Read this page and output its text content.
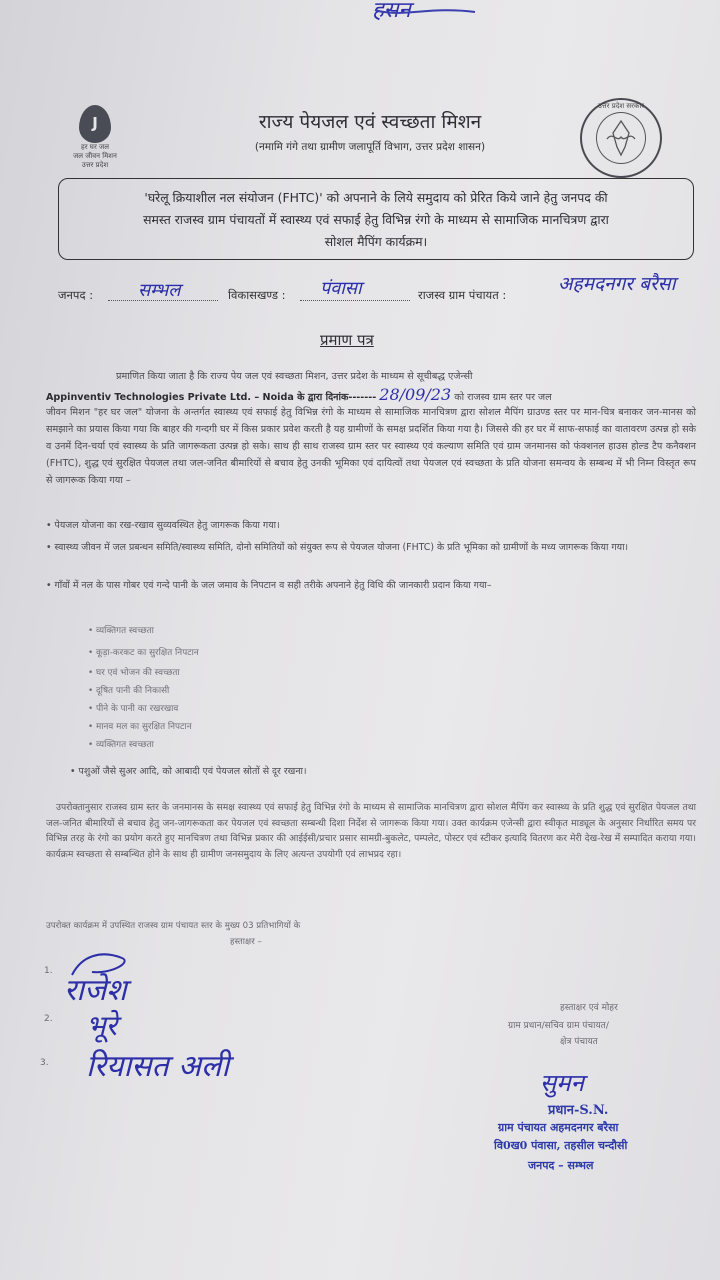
हसन
J
हर घर जल
जल जीवन मिशन
उत्तर प्रदेश
राज्य पेयजल एवं स्वच्छता मिशन
(नमामि गंगे तथा ग्रामीण जलापूर्ति विभाग, उत्तर प्रदेश शासन)
उत्तर प्रदेश सरकार
'घरेलू क्रियाशील नल संयोजन (FHTC)' को अपनाने के लिये समुदाय को प्रेरित किये जाने हेतु जनपद की
समस्त राजस्व ग्राम पंचायतों में स्वास्थ्य एवं सफाई हेतु विभिन्न रंगो के माध्यम से सामाजिक मानचित्रण द्वारा
सोशल मैपिंग कार्यक्रम।
जनपद : सम्भल	विकासखण्ड : पंवासा	राजस्व ग्राम पंचायत :	अहमदनगर बरैसा
प्रमाण पत्र
प्रमाणित किया जाता है कि राज्य पेय जल एवं स्वच्छता मिशन, उत्तर प्रदेश के माध्यम से सूचीबद्ध एजेन्सी
Appinventiv Technologies Private Ltd. – Noida के द्वारा दिनांक------- 28/09/23 को राजस्व ग्राम स्तर पर जल
जीवन मिशन "हर घर जल" योजना के अन्तर्गत स्वास्थ्य एवं सफाई हेतु विभिन्न रंगो के माध्यम से सामाजिक मानचित्रण द्वारा सोशल मैपिंग ग्राउण्ड स्तर पर मान-चित्र बनाकर जन-मानस को समझाने का प्रयास किया गया कि बाहर की गन्दगी घर में किस प्रकार प्रवेश करती है यह ग्रामीणों के समक्ष प्रदर्शित किया गया है। जिससे की हर घर में साफ-सफाई का वातावरण उत्पन्न हो सके व उनमें दिन-चर्या एवं स्वास्थ्य के प्रति जागरूकता उत्पन्न हो सके। साथ ही साथ राजस्व ग्राम स्तर पर स्वास्थ्य एवं कल्याण समिति एवं ग्राम जनमानस को फंक्शनल हाउस होल्ड टैप कनैक्शन (FHTC), शुद्ध एवं सुरक्षित पेयजल तथा जल-जनित बीमारियों से बचाव हेतु उनकी भूमिका एवं दायित्वों तथा पेयजल एवं स्वच्छता के प्रति योजना समन्वय के सम्बन्ध में भी निम्न विस्तृत रूप से जागरूक किया गया –
• पेयजल योजना का रख-रखाव सुव्यवस्थित हेतु जागरूक किया गया।
• स्वास्थ्य जीवन में जल प्रबन्धन समिति/स्वास्थ्य समिति, दोनो समितियों को संयुक्त रूप से पेयजल योजना (FHTC) के प्रति भूमिका को ग्रामीणों के मध्य जागरूक किया गया।
• गाँवों में नल के पास गोबर एवं गन्दे पानी के जल जमाव के निपटान व सही तरीके अपनाने हेतु विधि की जानकारी प्रदान किया गया–
• व्यक्तिगत स्वच्छता
• कूड़ा-करकट का सुरक्षित निपटान
• घर एवं भोजन की स्वच्छता
• दूषित पानी की निकासी
• पीने के पानी का रखरखाव
• मानव मल का सुरक्षित निपटान
• व्यक्तिगत स्वच्छता
• पशुओं जैसे सुअर आदि, को आबादी एवं पेयजल स्रोतों से दूर रखना।
उपरोक्तानुसार राजस्व ग्राम स्तर के जनमानस के समक्ष स्वास्थ्य एवं सफाई हेतु विभिन्न रंगो के माध्यम से सामाजिक मानचित्रण द्वारा सोशल मैपिंग कर स्वास्थ्य के प्रति शुद्ध एवं सुरक्षित पेयजल तथा जल-जनित बीमारियों से बचाव हेतु जन-जागरूकता कर पेयजल एवं स्वच्छता सम्बन्धी दिशा निर्देश से जागरूक किया गया। उक्त कार्यक्रम एजेन्सी द्वारा स्वीकृत माड्यूल के अनुसार निर्धारित समय पर विभिन्न तरह के रंगो का प्रयोग करते हुए मानचित्रण तथा विभिन्न प्रकार की आईईसी/प्रचार प्रसार सामग्री-बुकलेट, पम्पलेट, पोस्टर एवं स्टीकर इत्यादि वितरण कर मेरी देख-रेख में सम्पादित कराया गया। कार्यक्रम स्वच्छता से सम्बन्धित होने के साथ ही ग्रामीण जनसमुदाय के लिए अत्यन्त उपयोगी एवं लाभप्रद रहा।
उपरोक्त कार्यक्रम में उपस्थित राजस्व ग्राम पंचायत स्तर के मुख्य 03 प्रतिभागियों के
हस्ताक्षर –
1.
राजेश
2. भूरे
3. रियासत अली
हस्ताक्षर एवं मोहर
ग्राम प्रधान/सचिव ग्राम पंचायत/
क्षेत्र पंचायत
सुमन
प्रधान-S.N.
ग्राम पंचायत अहमदनगर बरैसा
वि0ख0 पंवासा, तहसील चन्दौसी
जनपद – सम्भल
